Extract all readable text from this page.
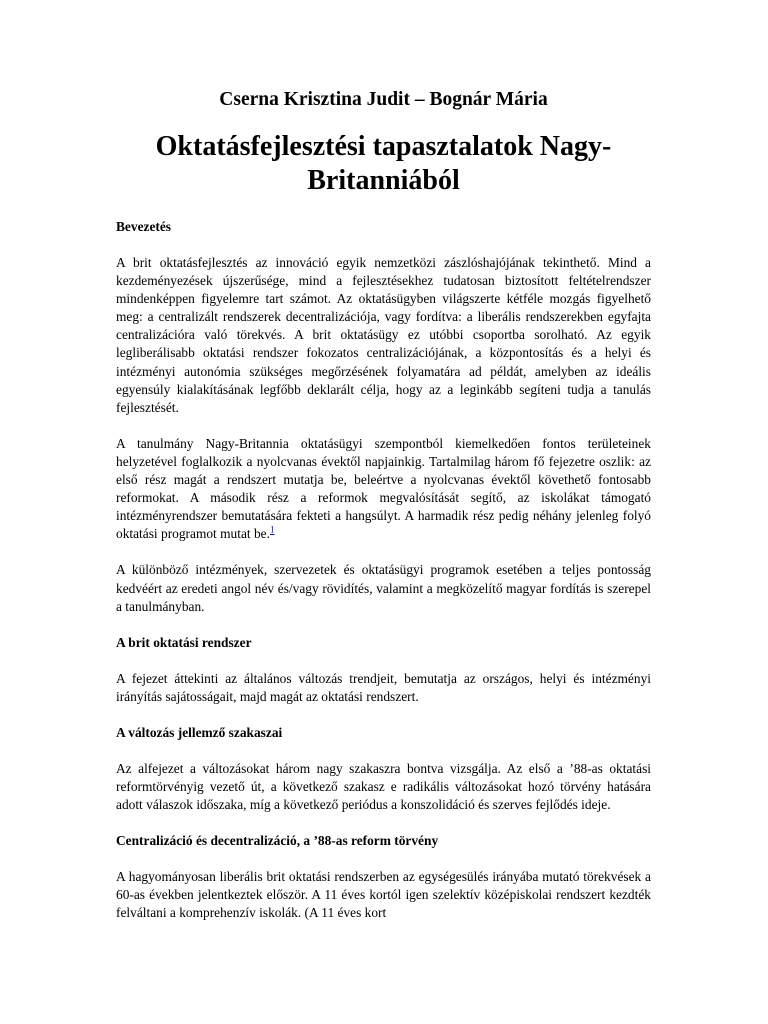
Cserna Krisztina Judit – Bognár Mária

Oktatásfejlesztési tapasztalatok Nagy-Britanniából
Bevezetés

A brit oktatásfejlesztés az innováció egyik nemzetközi zászlóshajójának tekinthető. Mind a kezdeményezések újszerűsége, mind a fejlesztésekhez tudatosan biztosított feltételrendszer mindenképpen figyelemre tart számot. Az oktatásügyben világszerte kétféle mozgás figyelhető meg: a centralizált rendszerek decentralizációja, vagy fordítva: a liberális rendszerekben egyfajta centralizációra való törekvés. A brit oktatásügy ez utóbbi csoportba sorolható. Az egyik legliberálisabb oktatási rendszer fokozatos centralizációjának, a központosítás és a helyi és intézményi autonómia szükséges megőrzésének folyamatára ad példát, amelyben az ideális egyensúly kialakításának legfőbb deklarált célja, hogy az a leginkább segíteni tudja a tanulás fejlesztését.

A tanulmány Nagy-Britannia oktatásügyi szempontból kiemelkedően fontos területeinek helyzetével foglalkozik a nyolcvanas évektől napjainkig. Tartalmilag három fő fejezetre oszlik: az első rész magát a rendszert mutatja be, beleértve a nyolcvanas évektől követhető fontosabb reformokat. A második rész a reformok megvalósítását segítő, az iskolákat támogató intézményrendszer bemutatására fekteti a hangsúlyt. A harmadik rész pedig néhány jelenleg folyó oktatási programot mutat be.$^1$

A különböző intézmények, szervezetek és oktatásügyi programok esetében a teljes pontosság kedvéért az eredeti angol név és/vagy rövidítés, valamint a megközelítő magyar fordítás is szerepel a tanulmányban.

A brit oktatási rendszer

A fejezet áttekinti az általános változás trendjeit, bemutatja az országos, helyi és intézményi irányítás sajátosságait, majd magát az oktatási rendszert.

A változás jellemző szakaszai

Az alfejezet a változásokat három nagy szakaszra bontva vizsgálja. Az első a ’88-as oktatási reformtörvényig vezető út, a következő szakasz e radikális változásokat hozó törvény hatására adott válaszok időszaka, míg a következő periódus a konszolidáció és szerves fejlődés ideje.

Centralizáció és decentralizáció, a ’88-as reform törvény

A hagyományosan liberális brit oktatási rendszerben az egységesülés irányába mutató törekvések a 60-as években jelentkeztek először. A 11 éves kortól igen szelektív középiskolai rendszert kezdték felváltani a komprehenzív iskolák. (A 11 éves kort
